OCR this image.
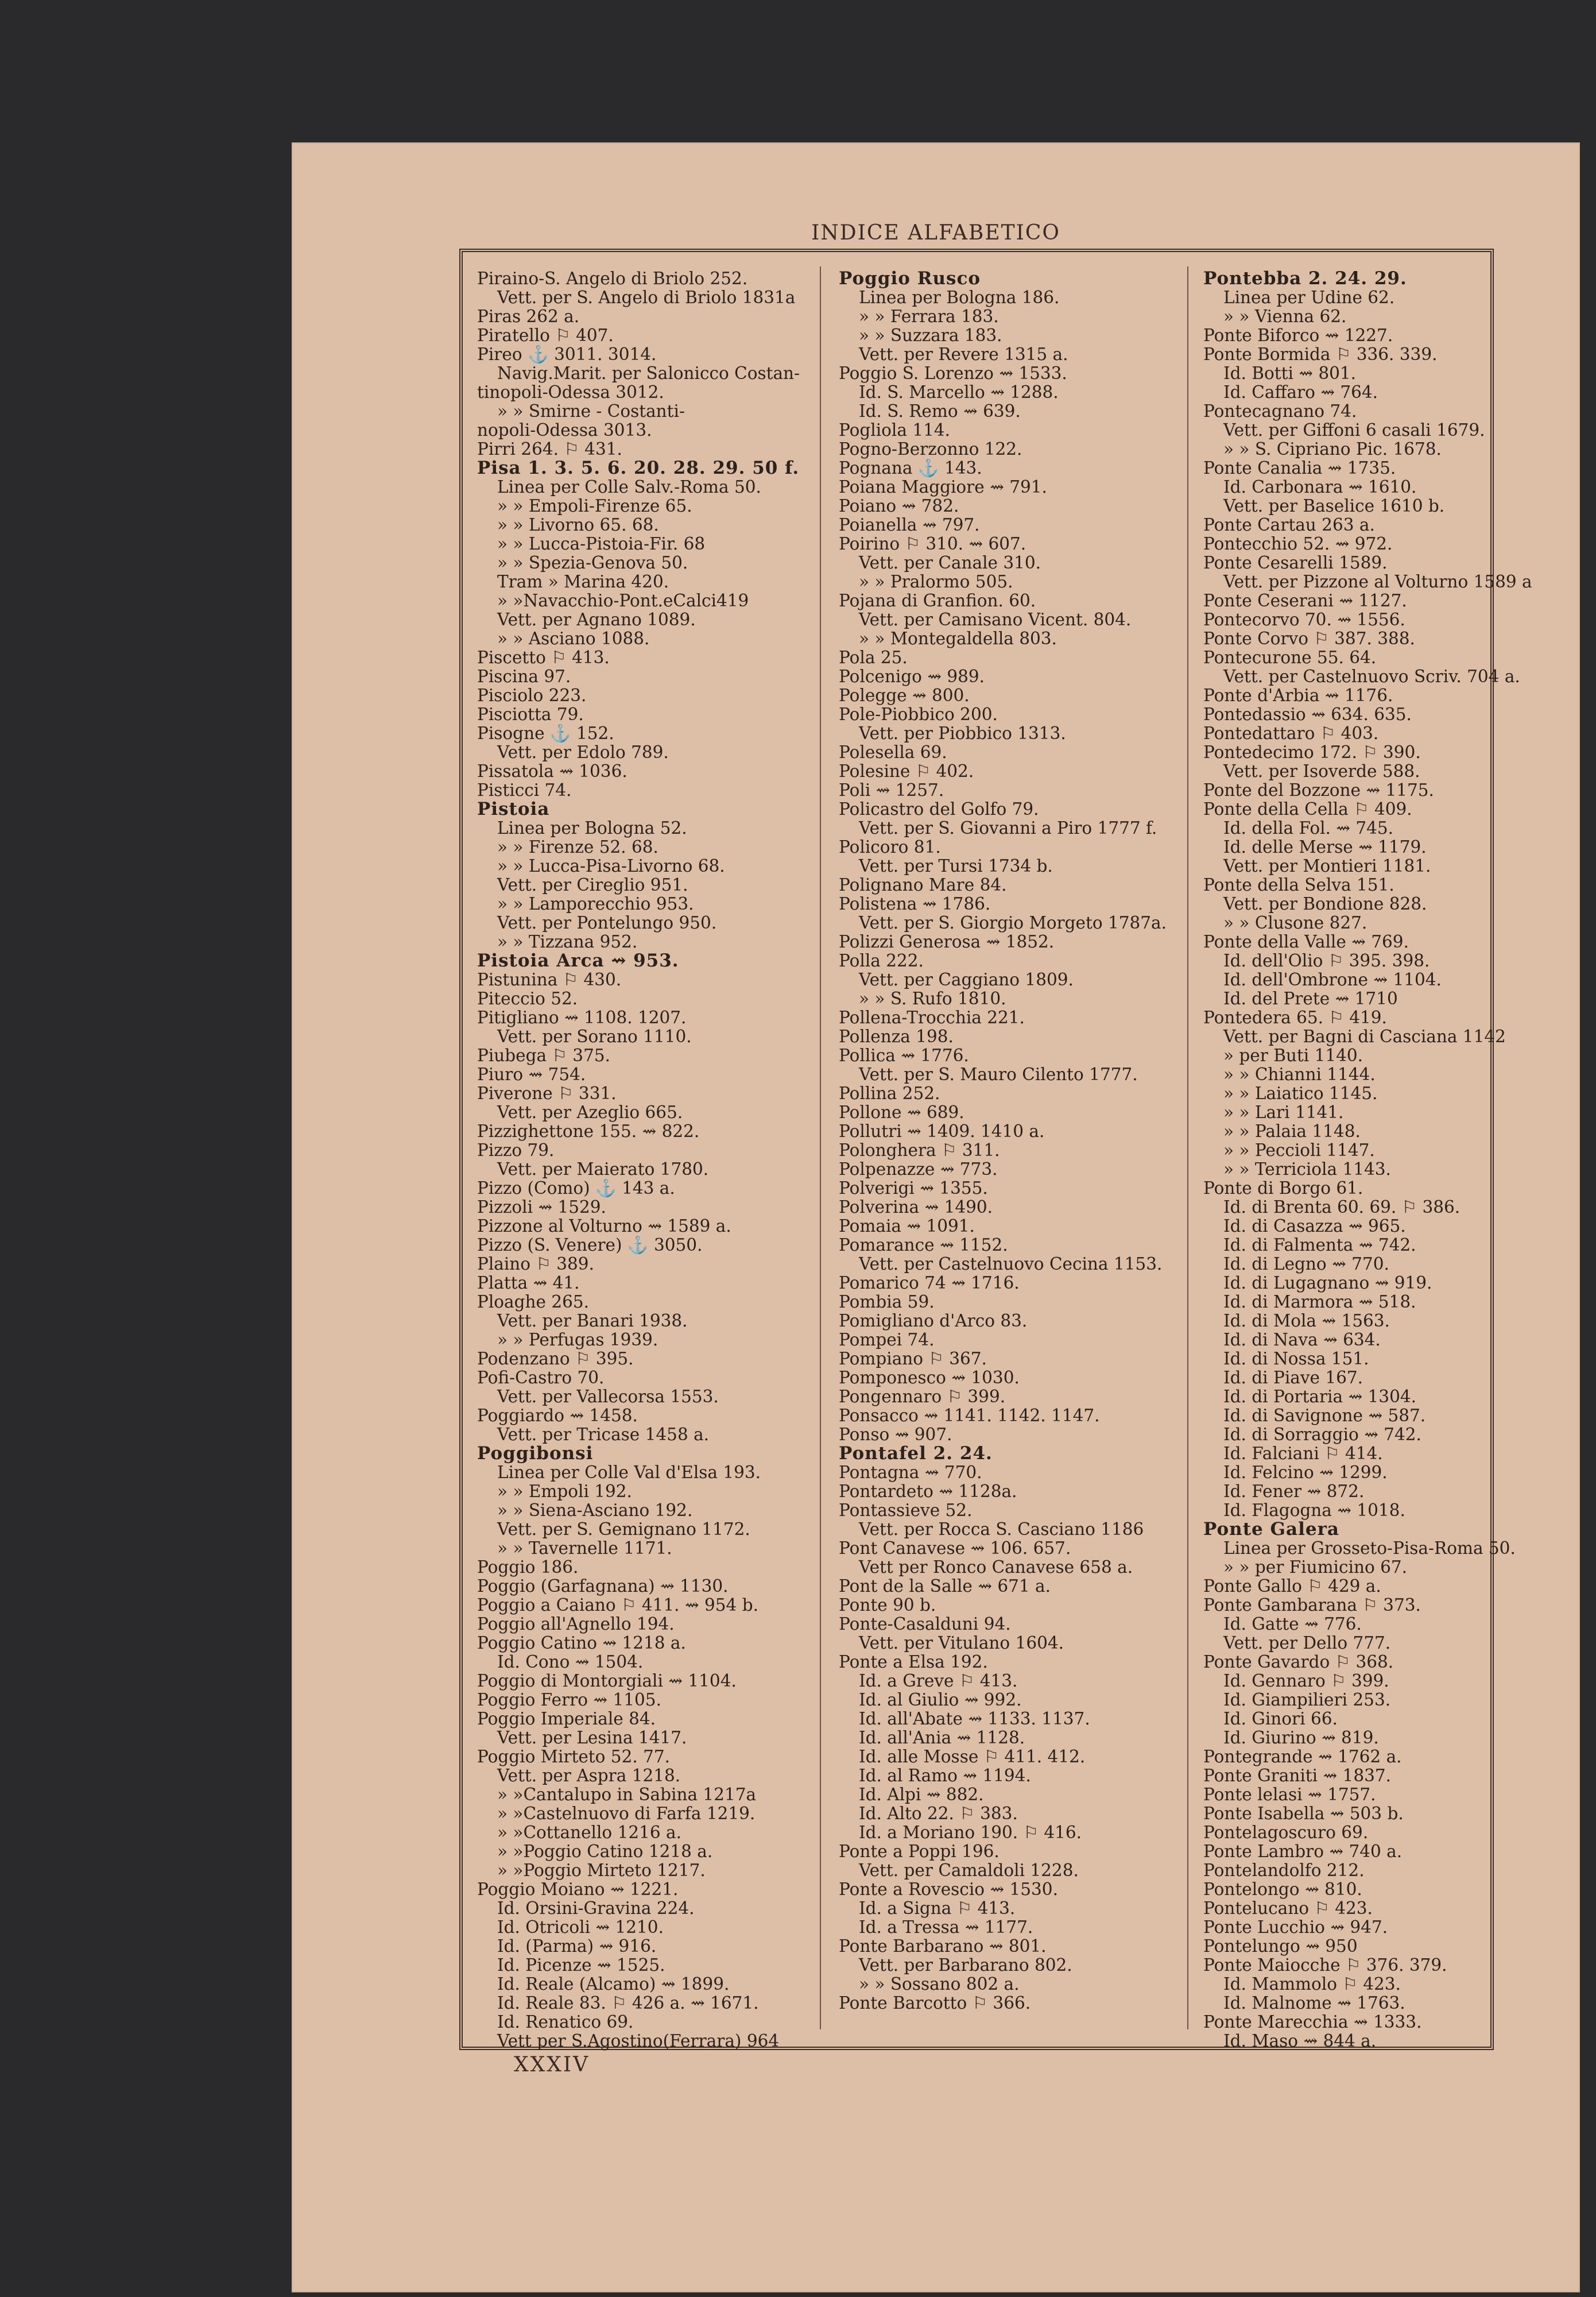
INDICE ALFABETICO
Piraino-S. Angelo di Briolo 252.
Vett. per S. Angelo di Briolo 1831a
Piras 262 a.
Piratello ⚐ 407.
Pireo ⚓ 3011. 3014.
Navig.Marit. per Salonicco Costan-
tinopoli-Odessa 3012.
» » Smirne - Costanti-
nopoli-Odessa 3013.
Pirri 264. ⚐ 431.
Pisa 1. 3. 5. 6. 20. 28. 29. 50 f.
Linea per Colle Salv.-Roma 50.
» » Empoli-Firenze 65.
» » Livorno 65. 68.
» » Lucca-Pistoia-Fir. 68
» » Spezia-Genova 50.
Tram » Marina 420.
» »Navacchio-Pont.eCalci419
Vett. per Agnano 1089.
» » Asciano 1088.
Piscetto ⚐ 413.
Piscina 97.
Pisciolo 223.
Pisciotta 79.
Pisogne ⚓ 152.
Vett. per Edolo 789.
Pissatola ⇝ 1036.
Pisticci 74.
Pistoia
Linea per Bologna 52.
» » Firenze 52. 68.
» » Lucca-Pisa-Livorno 68.
Vett. per Cireglio 951.
» » Lamporecchio 953.
Vett. per Pontelungo 950.
» » Tizzana 952.
Pistoia Arca ⇝ 953.
Pistunina ⚐ 430.
Piteccio 52.
Pitigliano ⇝ 1108. 1207.
Vett. per Sorano 1110.
Piubega ⚐ 375.
Piuro ⇝ 754.
Piverone ⚐ 331.
Vett. per Azeglio 665.
Pizzighettone 155. ⇝ 822.
Pizzo 79.
Vett. per Maierato 1780.
Pizzo (Como) ⚓ 143 a.
Pizzoli ⇝ 1529.
Pizzone al Volturno ⇝ 1589 a.
Pizzo (S. Venere) ⚓ 3050.
Plaino ⚐ 389.
Platta ⇝ 41.
Ploaghe 265.
Vett. per Banari 1938.
» » Perfugas 1939.
Podenzano ⚐ 395.
Pofi-Castro 70.
Vett. per Vallecorsa 1553.
Poggiardo ⇝ 1458.
Vett. per Tricase 1458 a.
Poggibonsi
Linea per Colle Val d'Elsa 193.
» » Empoli 192.
» » Siena-Asciano 192.
Vett. per S. Gemignano 1172.
» » Tavernelle 1171.
Poggio 186.
Poggio (Garfagnana) ⇝ 1130.
Poggio a Caiano ⚐ 411. ⇝ 954 b.
Poggio all'Agnello 194.
Poggio Catino ⇝ 1218 a.
Id. Cono ⇝ 1504.
Poggio di Montorgiali ⇝ 1104.
Poggio Ferro ⇝ 1105.
Poggio Imperiale 84.
Vett. per Lesina 1417.
Poggio Mirteto 52. 77.
Vett. per Aspra 1218.
» »Cantalupo in Sabina 1217a
» »Castelnuovo di Farfa 1219.
» »Cottanello 1216 a.
» »Poggio Catino 1218 a.
» »Poggio Mirteto 1217.
Poggio Moiano ⇝ 1221.
Id. Orsini-Gravina 224.
Id. Otricoli ⇝ 1210.
Id. (Parma) ⇝ 916.
Id. Picenze ⇝ 1525.
Id. Reale (Alcamo) ⇝ 1899.
Id. Reale 83. ⚐ 426 a. ⇝ 1671.
Id. Renatico 69.
Vett per S.Agostino(Ferrara) 964
Poggio Rusco
Linea per Bologna 186.
» » Ferrara 183.
» » Suzzara 183.
Vett. per Revere 1315 a.
Poggio S. Lorenzo ⇝ 1533.
Id. S. Marcello ⇝ 1288.
Id. S. Remo ⇝ 639.
Pogliola 114.
Pogno-Berzonno 122.
Pognana ⚓ 143.
Poiana Maggiore ⇝ 791.
Poiano ⇝ 782.
Poianella ⇝ 797.
Poirino ⚐ 310. ⇝ 607.
Vett. per Canale 310.
» » Pralormo 505.
Pojana di Granfion. 60.
Vett. per Camisano Vicent. 804.
» » Montegaldella 803.
Pola 25.
Polcenigo ⇝ 989.
Polegge ⇝ 800.
Pole-Piobbico 200.
Vett. per Piobbico 1313.
Polesella 69.
Polesine ⚐ 402.
Poli ⇝ 1257.
Policastro del Golfo 79.
Vett. per S. Giovanni a Piro 1777 f.
Policoro 81.
Vett. per Tursi 1734 b.
Polignano Mare 84.
Polistena ⇝ 1786.
Vett. per S. Giorgio Morgeto 1787a.
Polizzi Generosa ⇝ 1852.
Polla 222.
Vett. per Caggiano 1809.
» » S. Rufo 1810.
Pollena-Trocchia 221.
Pollenza 198.
Pollica ⇝ 1776.
Vett. per S. Mauro Cilento 1777.
Pollina 252.
Pollone ⇝ 689.
Pollutri ⇝ 1409. 1410 a.
Polonghera ⚐ 311.
Polpenazze ⇝ 773.
Polverigi ⇝ 1355.
Polverina ⇝ 1490.
Pomaia ⇝ 1091.
Pomarance ⇝ 1152.
Vett. per Castelnuovo Cecina 1153.
Pomarico 74 ⇝ 1716.
Pombia 59.
Pomigliano d'Arco 83.
Pompei 74.
Pompiano ⚐ 367.
Pomponesco ⇝ 1030.
Pongennaro ⚐ 399.
Ponsacco ⇝ 1141. 1142. 1147.
Ponso ⇝ 907.
Pontafel 2. 24.
Pontagna ⇝ 770.
Pontardeto ⇝ 1128a.
Pontassieve 52.
Vett. per Rocca S. Casciano 1186
Pont Canavese ⇝ 106. 657.
Vett per Ronco Canavese 658 a.
Pont de la Salle ⇝ 671 a.
Ponte 90 b.
Ponte-Casalduni 94.
Vett. per Vitulano 1604.
Ponte a Elsa 192.
Id. a Greve ⚐ 413.
Id. al Giulio ⇝ 992.
Id. all'Abate ⇝ 1133. 1137.
Id. all'Ania ⇝ 1128.
Id. alle Mosse ⚐ 411. 412.
Id. al Ramo ⇝ 1194.
Id. Alpi ⇝ 882.
Id. Alto 22. ⚐ 383.
Id. a Moriano 190. ⚐ 416.
Ponte a Poppi 196.
Vett. per Camaldoli 1228.
Ponte a Rovescio ⇝ 1530.
Id. a Signa ⚐ 413.
Id. a Tressa ⇝ 1177.
Ponte Barbarano ⇝ 801.
Vett. per Barbarano 802.
» » Sossano 802 a.
Ponte Barcotto ⚐ 366.
Pontebba 2. 24. 29.
Linea per Udine 62.
» » Vienna 62.
Ponte Biforco ⇝ 1227.
Ponte Bormida ⚐ 336. 339.
Id. Botti ⇝ 801.
Id. Caffaro ⇝ 764.
Pontecagnano 74.
Vett. per Giffoni 6 casali 1679.
» » S. Cipriano Pic. 1678.
Ponte Canalia ⇝ 1735.
Id. Carbonara ⇝ 1610.
Vett. per Baselice 1610 b.
Ponte Cartau 263 a.
Pontecchio 52. ⇝ 972.
Ponte Cesarelli 1589.
Vett. per Pizzone al Volturno 1589 a
Ponte Ceserani ⇝ 1127.
Pontecorvo 70. ⇝ 1556.
Ponte Corvo ⚐ 387. 388.
Pontecurone 55. 64.
Vett. per Castelnuovo Scriv. 704 a.
Ponte d'Arbia ⇝ 1176.
Pontedassio ⇝ 634. 635.
Pontedattaro ⚐ 403.
Pontedecimo 172. ⚐ 390.
Vett. per Isoverde 588.
Ponte del Bozzone ⇝ 1175.
Ponte della Cella ⚐ 409.
Id. della Fol. ⇝ 745.
Id. delle Merse ⇝ 1179.
Vett. per Montieri 1181.
Ponte della Selva 151.
Vett. per Bondione 828.
» » Clusone 827.
Ponte della Valle ⇝ 769.
Id. dell'Olio ⚐ 395. 398.
Id. dell'Ombrone ⇝ 1104.
Id. del Prete ⇝ 1710
Pontedera 65. ⚐ 419.
Vett. per Bagni di Casciana 1142
» per Buti 1140.
» » Chianni 1144.
» » Laiatico 1145.
» » Lari 1141.
» » Palaia 1148.
» » Peccioli 1147.
» » Terriciola 1143.
Ponte di Borgo 61.
Id. di Brenta 60. 69. ⚐ 386.
Id. di Casazza ⇝ 965.
Id. di Falmenta ⇝ 742.
Id. di Legno ⇝ 770.
Id. di Lugagnano ⇝ 919.
Id. di Marmora ⇝ 518.
Id. di Mola ⇝ 1563.
Id. di Nava ⇝ 634.
Id. di Nossa 151.
Id. di Piave 167.
Id. di Portaria ⇝ 1304.
Id. di Savignone ⇝ 587.
Id. di Sorraggio ⇝ 742.
Id. Falciani ⚐ 414.
Id. Felcino ⇝ 1299.
Id. Fener ⇝ 872.
Id. Flagogna ⇝ 1018.
Ponte Galera
Linea per Grosseto-Pisa-Roma 50.
» » per Fiumicino 67.
Ponte Gallo ⚐ 429 a.
Ponte Gambarana ⚐ 373.
Id. Gatte ⇝ 776.
Vett. per Dello 777.
Ponte Gavardo ⚐ 368.
Id. Gennaro ⚐ 399.
Id. Giampilieri 253.
Id. Ginori 66.
Id. Giurino ⇝ 819.
Pontegrande ⇝ 1762 a.
Ponte Graniti ⇝ 1837.
Ponte lelasi ⇝ 1757.
Ponte Isabella ⇝ 503 b.
Pontelagoscuro 69.
Ponte Lambro ⇝ 740 a.
Pontelandolfo 212.
Pontelongo ⇝ 810.
Ponteluca​no ⚐ 423.
Ponte Lucchio ⇝ 947.
Pontelungo ⇝ 950
Ponte Maiocche ⚐ 376. 379.
Id. Mammolo ⚐ 423.
Id. Malnome ⇝ 1763.
Ponte Marecchia ⇝ 1333.
Id. Maso ⇝ 844 a.
XXXIV
